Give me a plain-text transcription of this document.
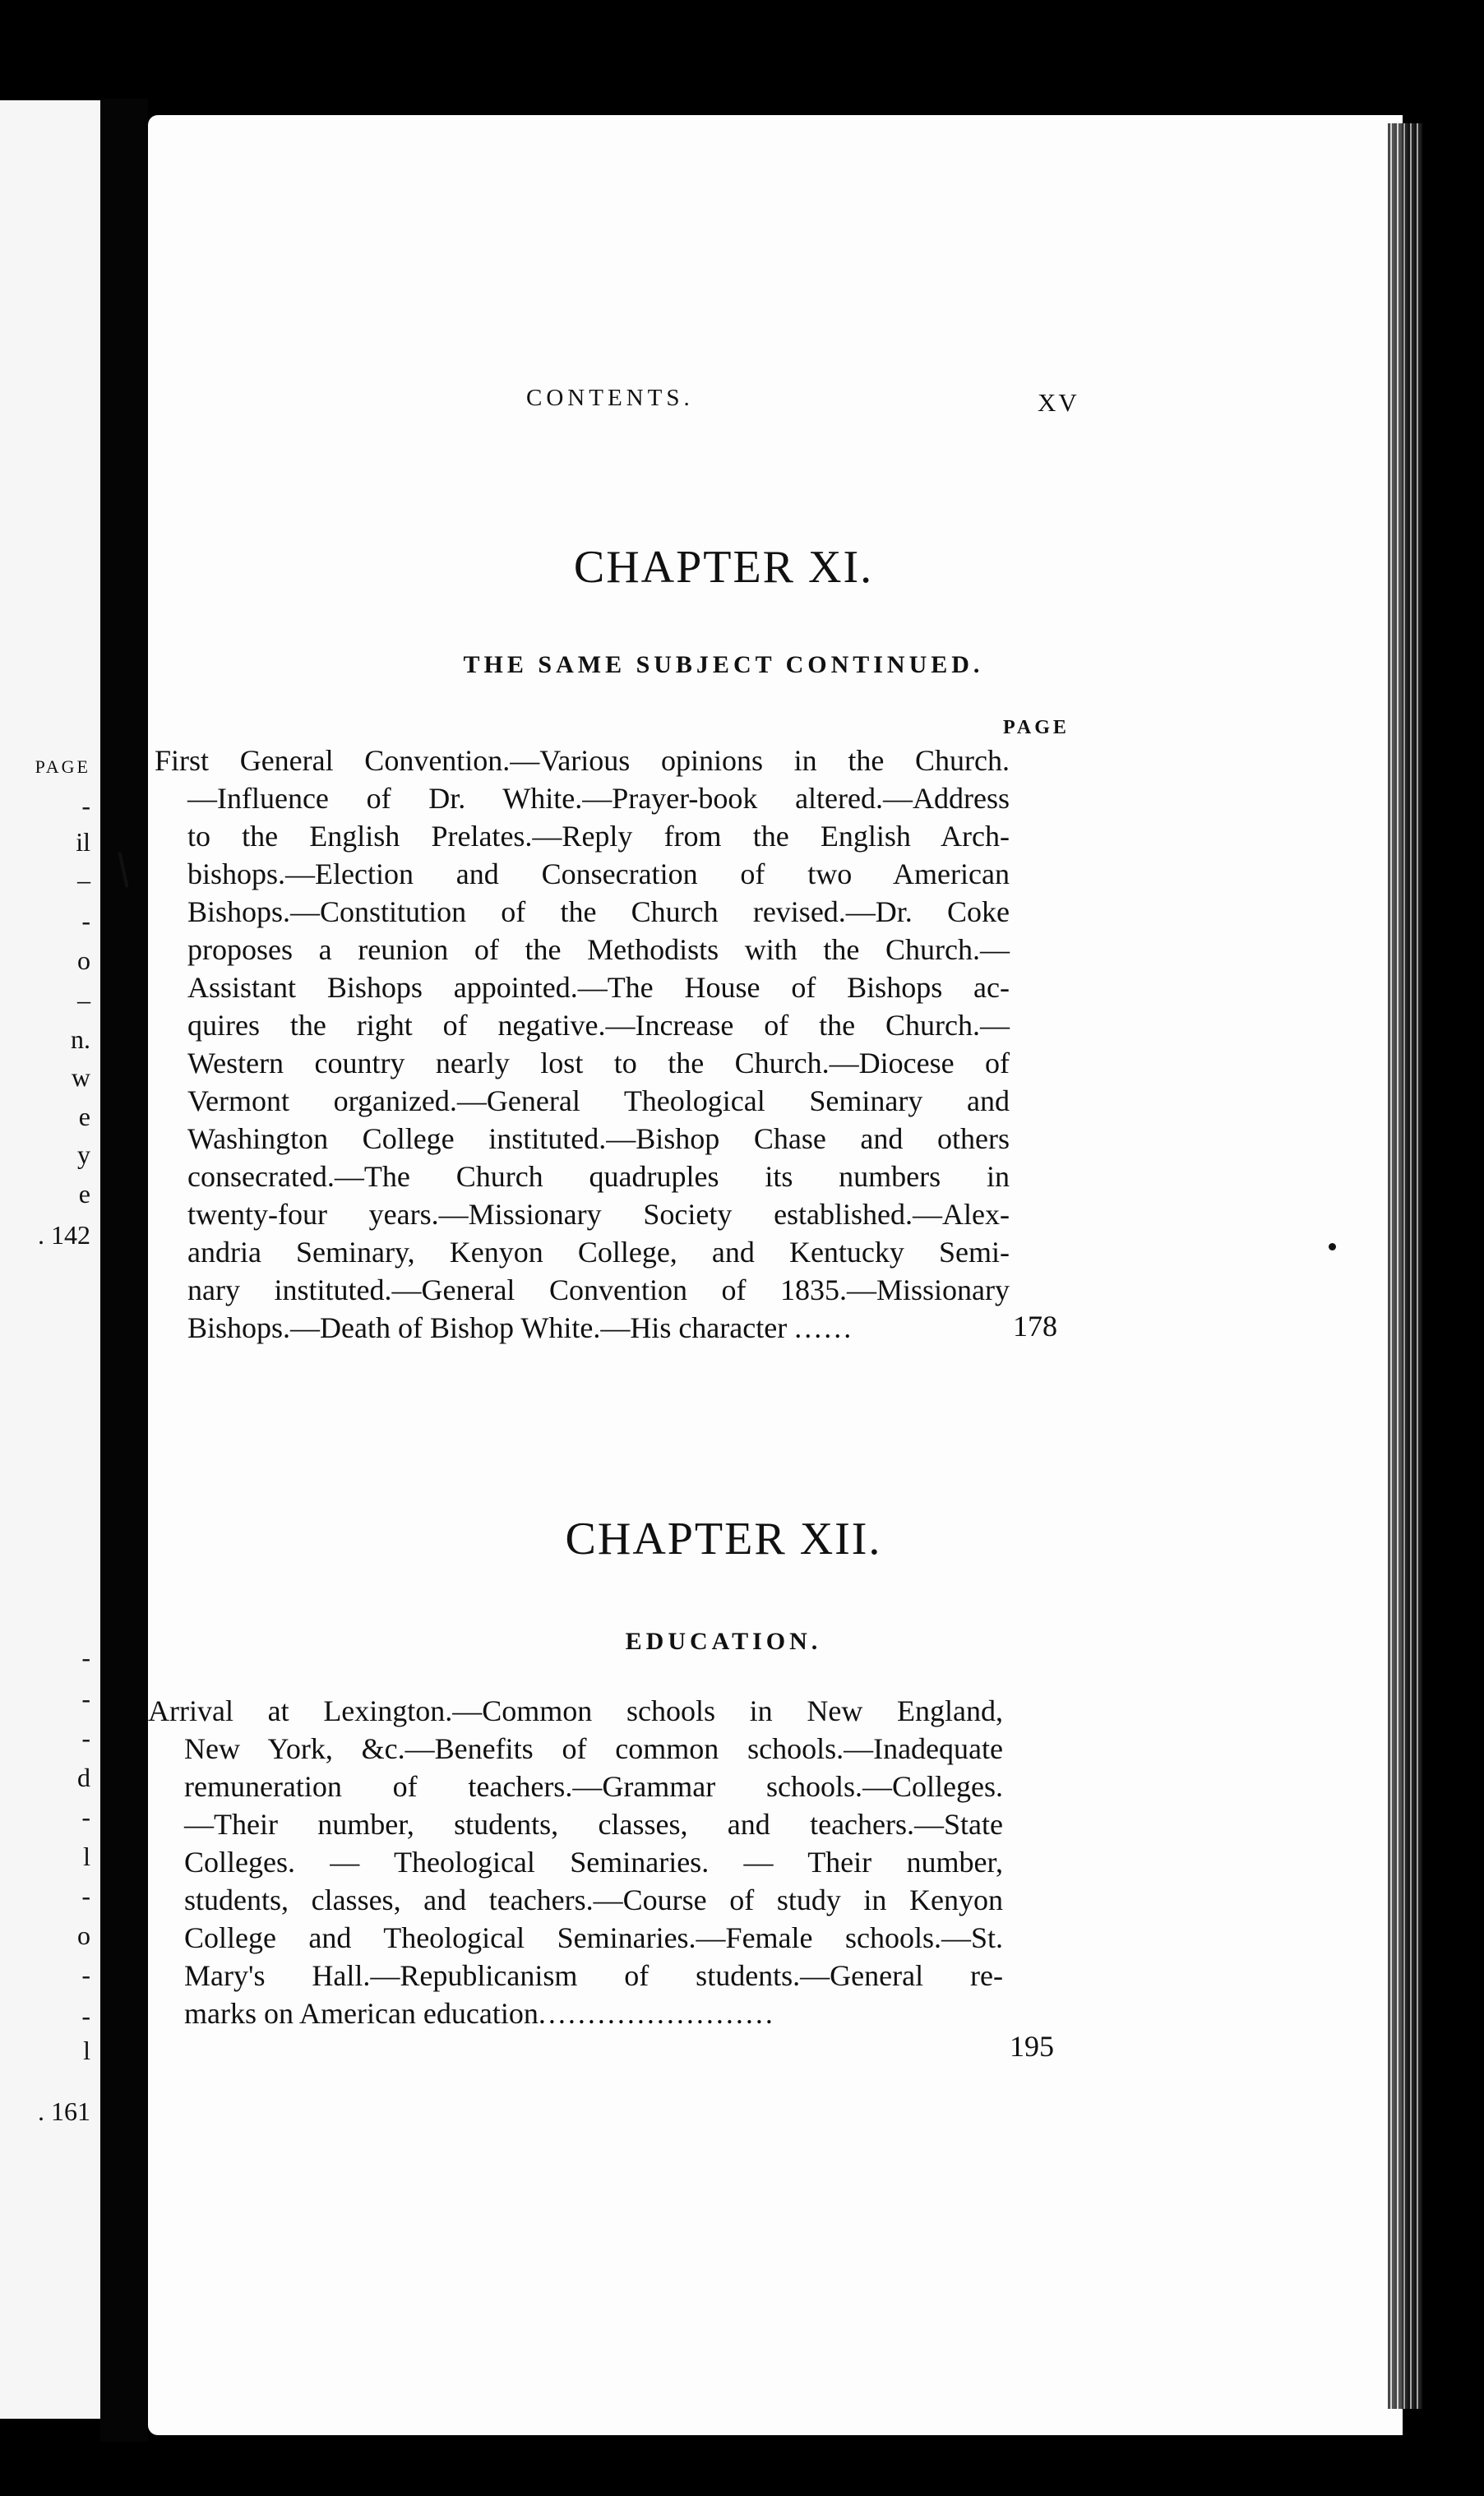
PAGE
-
il
–
-
o
–
n.
w
e
y
e
. 142
-
-
-
d
-
l
-
o
-
-
l
. 161
CONTENTS.	XV
CHAPTER XI.
THE SAME SUBJECT CONTINUED.
PAGE
First General Convention.—Various opinions in the Church.
—Influence of Dr. White.—Prayer-book altered.—Address
to the English Prelates.—Reply from the English Arch-
bishops.—Election and Consecration of two American
Bishops.—Constitution of the Church revised.—Dr. Coke
proposes a reunion of the Methodists with the Church.—
Assistant Bishops appointed.—The House of Bishops ac-
quires the right of negative.—Increase of the Church.—
Western country nearly lost to the Church.—Diocese of
Vermont organized.—General Theological Seminary and
Washington College instituted.—Bishop Chase and others
consecrated.—The Church quadruples its numbers in
twenty-four years.—Missionary Society established.—Alex-
andria Seminary, Kenyon College, and Kentucky Semi-
nary instituted.—General Convention of 1835.—Missionary
Bishops.—Death of Bishop White.—His character ......	178
CHAPTER XII.
EDUCATION.
Arrival at Lexington.—Common schools in New England,
New York, &c.—Benefits of common schools.—Inadequate
remuneration of teachers.—Grammar schools.—Colleges.
—Their number, students, classes, and teachers.—State
Colleges. — Theological Seminaries. — Their number,
students, classes, and teachers.—Course of study in Kenyon
College and Theological Seminaries.—Female schools.—St.
Mary's Hall.—Republicanism of students.—General re-
marks on American education........................
195
